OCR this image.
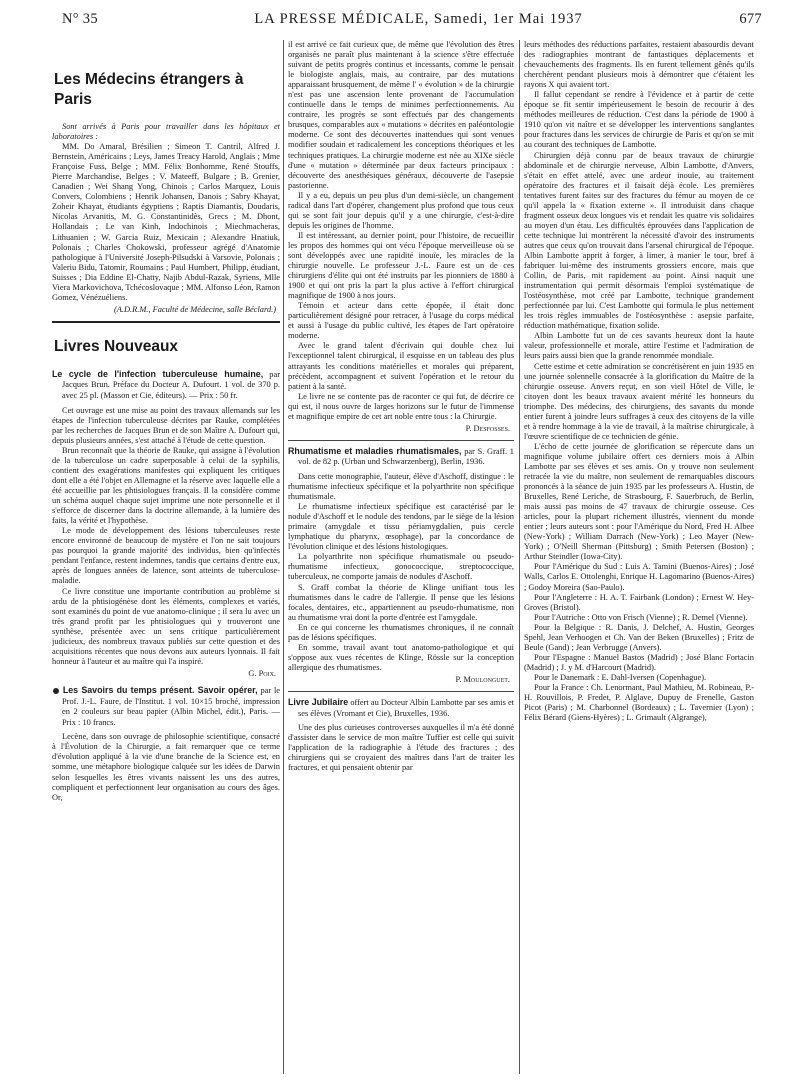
N° 35	LA PRESSE MÉDICALE, Samedi, 1er Mai 1937	677
Les Médecins étrangers à Paris

Sont arrivés à Paris pour travailler dans les hôpitaux et laboratoires :

MM. Do Amaral, Brésilien ; Simeon T. Cantril, Alfred J. Bernstein, Américains ; Leys, James Treacy Harold, Anglais ; Mme Françoise Fuss, Belge ; MM. Félix Bonhomme, René Stouffs, Pierre Marchandise, Belges ; V. Mateeff, Bulgare ; B. Grenier, Canadien ; Wei Shang Yong, Chinois ; Carlos Marquez, Louis Convers, Colombiens ; Henrik Johansen, Danois ; Sabry Khayat, Zoheir Khayat, étudiants égyptiens ; Raptis Diamantis, Doudaris, Nicolas Arvanitis, M. G. Constantinidès, Grecs ; M. Dhont, Hollandais ; Le van Kinh, Indochinois ; Miechmacheras, Lithuanien ; W. Garcia Ruiz, Mexicain ; Alexandre Hnatiuk, Polonais ; Charles Chokowski, professeur agrégé d'Anatomie pathologique à l'Université Joseph-Pilsudski à Varsovie, Polonais ; Valeriu Bidu, Tatomir, Roumains ; Paul Humbert, Philipp, étudiant, Suisses ; Dia Eddine El-Chatty, Najib Abdul-Razak, Syriens, Mlle Viera Markovichova, Tchécoslovaque ; MM. Alfonso Léon, Ramon Gomez, Vénézuéliens.

(A.D.R.M., Faculté de Médecine, salle Béclard.)

Livres Nouveaux

Le cycle de l'infection tuberculeuse humaine, par Jacques Brun. Préface du Docteur A. Dufourt. 1 vol. de 370 p. avec 25 pl. (Masson et Cie, éditeurs). — Prix : 50 fr.

Cet ouvrage est une mise au point des travaux allemands sur les étapes de l'infection tuberculeuse décrites par Rauke, complétées par les recherches de Jacques Brun et de son Maître A. Dufourt qui, depuis plusieurs années, s'est attaché à l'étude de cette question.

Brun reconnaît que la théorie de Rauke, qui assigne à l'évolution de la tuberculose un cadre superposable à celui de la syphilis, contient des exagérations manifestes qui expliquent les critiques dont elle a été l'objet en Allemagne et la réserve avec laquelle elle a été accueillie par les phtisiologues français. Il la considère comme un schéma auquel chaque sujet imprime une note personnelle et il s'efforce de discerner dans la doctrine allemande, à la lumière des faits, la vérité et l'hypothèse.

Le mode de développement des lésions tuberculeuses reste encore environné de beaucoup de mystère et l'on ne sait toujours pas pourquoi la grande majorité des individus, bien qu'infectés pendant l'enfance, restent indemnes, tandis que certains d'entre eux, après de longues années de latence, sont atteints de tuberculose-maladie.

Ce livre constitue une importante contribution au problème si ardu de la phtisiogénèse dont les éléments, complexes et variés, sont examinés du point de vue anatomo-clinique ; il sera lu avec un très grand profit par les phtisiologues qui y trouveront une synthèse, présentée avec un sens critique particulièrement judicieux, des nombreux travaux publiés sur cette question et des acquisitions récentes que nous devons aux auteurs lyonnais. Il fait honneur à l'auteur et au maître qui l'a inspiré.

G. Poix.

Les Savoirs du temps présent. Savoir opérer, par le Prof. J.-L. Faure, de l'Institut. 1 vol. 10×15 broché, impression en 2 couleurs sur beau papier (Albin Michel, édit.), Paris. — Prix : 10 francs.

Lecène, dans son ouvrage de philosophie scientifique, consacré à l'Évolution de la Chirurgie, a fait remarquer que ce terme d'évolution appliqué à la vie d'une branche de la Science est, en somme, une métaphore biologique calquée sur les idées de Darwin selon lesquelles les êtres vivants naissent les uns des autres, compliquent et perfectionnent leur organisation au cours des âges. Or,

il est arrivé ce fait curieux que, de même que l'évolution des êtres organisés ne paraît plus maintenant à la science s'être effectuée suivant de petits progrès continus et incessants, comme le pensait le biologiste anglais, mais, au contraire, par des mutations apparaissant brusquement, de même l' « évolution » de la chirurgie n'est pas une ascension lente provenant de l'accumulation continuelle dans le temps de minimes perfectionnements. Au contraire, les progrès se sont effectués par des changements brusques, comparables aux « mutations » décrites en paléontologie moderne. Ce sont des découvertes inattendues qui sont venues modifier soudain et radicalement les conceptions théoriques et les techniques pratiques. La chirurgie moderne est née au XIXe siècle d'une « mutation » déterminée par deux facteurs principaux : découverte des anesthésiques généraux, découverte de l'asepsie pastorienne.

Il y a eu, depuis un peu plus d'un demi-siècle, un changement radical dans l'art d'opérer, changement plus profond que tous ceux qui se sont fait jour depuis qu'il y a une chirurgie, c'est-à-dire depuis les origines de l'homme.

Il est intéressant, au dernier point, pour l'histoire, de recueillir les propos des hommes qui ont vécu l'époque merveilleuse où se sont développés avec une rapidité inouïe, les miracles de la chirurgie nouvelle. Le professeur J.-L. Faure est un de ces chirurgiens d'élite qui ont été instruits par les pionniers de 1880 à 1900 et qui ont pris la part la plus active à l'effort chirurgical magnifique de 1900 à nos jours.

Témoin et acteur dans cette épopée, il était donc particulièrement désigné pour retracer, à l'usage du corps médical et aussi à l'usage du public cultivé, les étapes de l'art opératoire moderne.

Avec le grand talent d'écrivain qui double chez lui l'exceptionnel talent chirurgical, il esquisse en un tableau des plus attrayants les conditions matérielles et morales qui préparent, précèdent, accompagnent et suivent l'opération et le retour du patient à la santé.

Le livre ne se contente pas de raconter ce qui fut, de décrire ce qui est, il nous ouvre de larges horizons sur le futur de l'immense et magnifique empire de cet art noble entre tous : la Chirurgie.

P. Desfosses.

Rhumatisme et maladies rhumatismales, par S. Graff. 1 vol. de 82 p. (Urban und Schwarzenberg), Berlin, 1936.

Dans cette monographie, l'auteur, élève d'Aschoff, distingue : le rhumatisme infectieux spécifique et la polyarthrite non spécifique rhumatismale.

Le rhumatisme infectieux spécifique est caractérisé par le nodule d'Aschoff et le nodule des tendons, par le siège de la lésion primaire (amygdale et tissu périamygdalien, puis cercle lymphatique du pharynx, œsophage), par la concordance de l'évolution clinique et des lésions histologiques.

La polyarthrite non spécifique rhumatismale ou pseudo-rhumatisme infectieux, gonococcique, streptococcique, tuberculeux, ne comporte jamais de nodules d'Aschoff.

S. Graff combat la théorie de Klinge unifiant tous les rhumatismes dans le cadre de l'allergie. Il pense que les lésions focales, dentaires, etc., appartiennent au pseudo-rhumatisme, non au rhumatisme vrai dont la porte d'entrée est l'amygdale.

En ce qui concerne les rhumatismes chroniques, il ne connaît pas de lésions spécifiques.

En somme, travail avant tout anatomo-pathologique et qui s'oppose aux vues récentes de Klinge, Rössle sur la conception allergique des rhumatismes.

P. Moulonguet.

Livre Jubilaire offert au Docteur Albin Lambotte par ses amis et ses élèves (Vromant et Cie), Bruxelles, 1936.

Une des plus curieuses controverses auxquelles il m'a été donné d'assister dans le service de mon maître Tuffier est celle qui suivit l'application de la radiographie à l'étude des fractures ; des chirurgiens qui se croyaient des maîtres dans l'art de traiter les fractures, et qui pensaient obtenir par

leurs méthodes des réductions parfaites, restaient abasourdis devant des radiographies montrant de fantastiques déplacements et chevauchements des fragments. Ils en furent tellement gênés qu'ils cherchèrent pendant plusieurs mois à démontrer que c'étaient les rayons X qui avaient tort.

Il fallut cependant se rendre à l'évidence et à partir de cette époque se fit sentir impérieusement le besoin de recourir à des méthodes meilleures de réduction. C'est dans la période de 1900 à 1910 qu'on vit naître et se développer les interventions sanglantes pour fractures dans les services de chirurgie de Paris et qu'on se mit au courant des techniques de Lambotte.

Chirurgien déjà connu par de beaux travaux de chirurgie abdominale et de chirurgie nerveuse, Albin Lambotte, d'Anvers, s'était en effet attelé, avec une ardeur inouïe, au traitement opératoire des fractures et il faisait déjà école. Les premières tentatives furent faites sur des fractures du fémur au moyen de ce qu'il appela la « fixation externe ». Il introduisit dans chaque fragment osseux deux longues vis et rendait les quatre vis solidaires au moyen d'un étau. Les difficultés éprouvées dans l'application de cette technique lui montrèrent la nécessité d'avoir des instruments autres que ceux qu'on trouvait dans l'arsenal chirurgical de l'époque. Albin Lambotte apprit à forger, à limer, à manier le tour, bref à fabriquer lui-même des instruments grossiers encore, mais que Collin, de Paris, mit rapidement au point. Ainsi naquit une instrumentation qui permit désormais l'emploi systématique de l'ostéosynthèse, mot créé par Lambotte, technique grandement perfectionnée par lui. C'est Lambotte qui formula le plus nettement les trois règles immuables de l'ostéosynthèse : asepsie parfaite, réduction mathématique, fixation solide.

Albin Lambotte fut un de ces savants heureux dont la haute valeur, professionnelle et morale, attire l'estime et l'admiration de leurs pairs aussi bien que la grande renommée mondiale.

Cette estime et cette admiration se concrétisèrent en juin 1935 en une journée solennelle consacrée à la glorification du Maître de la chirurgie osseuse. Anvers reçut, en son vieil Hôtel de Ville, le citoyen dont les beaux travaux avaient mérité les honneurs du triomphe. Des médecins, des chirurgiens, des savants du monde entier furent à joindre leurs suffrages à ceux des citoyens de la ville et à rendre hommage à la vie de travail, à la maîtrise chirurgicale, à l'œuvre scientifique de ce technicien de génie.

L'écho de cette journée de glorification se répercute dans un magnifique volume jubilaire offert ces derniers mois à Albin Lambotte par ses élèves et ses amis. On y trouve non seulement retracée la vie du maître, non seulement de remarquables discours prononcés à la séance de juin 1935 par les professeurs A. Hustin, de Bruxelles, René Leriche, de Strasbourg, F. Sauerbruch, de Berlin, mais aussi pas moins de 47 travaux de chirurgie osseuse. Ces articles, pour la plupart richement illustrés, viennent du monde entier ; leurs auteurs sont : pour l'Amérique du Nord, Fred H. Albee (New-York) ; William Darrach (New-York) ; Leo Mayer (New-York) ; O'Neill Sherman (Pittsburg) ; Smith Petersen (Boston) ; Arthur Steindler (Iowa-City).

Pour l'Amérique du Sud : Luis A. Tamini (Buenos-Aires) ; José Walls, Carlos E. Ottolenghi, Enrique H. Lagomarino (Buenos-Aires) ; Godoy Moreira (Sao-Paulo).

Pour l'Angleterre : H. A. T. Fairbank (London) ; Ernest W. Hey-Groves (Bristol).

Pour l'Autriche : Otto von Frisch (Vienne) ; R. Demel (Vienne).

Pour la Belgique : R. Danis, J. Delchef, A. Hustin, Georges Spehl, Jean Verhoogen et Ch. Van der Beken (Bruxelles) ; Fritz de Beule (Gand) ; Jean Verbrugge (Anvers).

Pour l'Espagne : Manuel Bastos (Madrid) ; José Blanc Fortacin (Madrid) ; J. y M. d'Harcourt (Madrid).

Pour le Danemark : E. Dahl-Iversen (Copenhague).

Pour la France : Ch. Lenormant, Paul Mathieu, M. Robineau, P.-H. Rouvillois, P. Fredet, P. Alglave, Dupuy de Frenelle, Gaston Picot (Paris) ; M. Charbonnel (Bordeaux) ; L. Tavernier (Lyon) ; Félix Bérard (Giens-Hyères) ; L. Grimault (Algrange),
